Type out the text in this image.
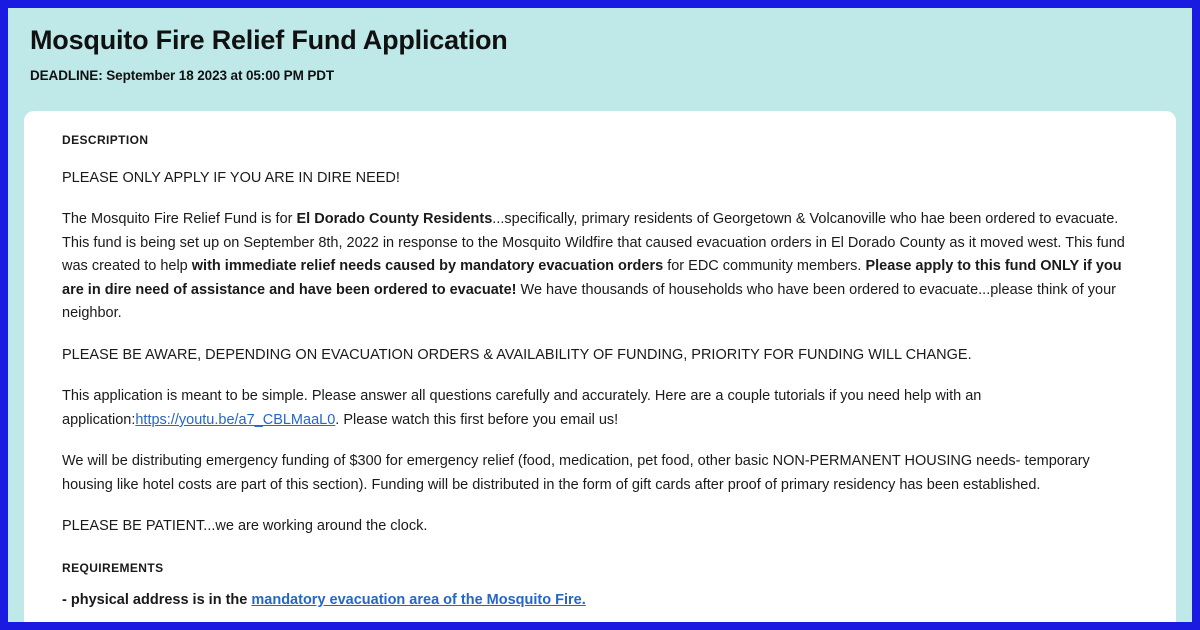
Mosquito Fire Relief Fund Application
DEADLINE: September 18 2023 at 05:00 PM PDT
DESCRIPTION

PLEASE ONLY APPLY IF YOU ARE IN DIRE NEED!

The Mosquito Fire Relief Fund is for El Dorado County Residents...specifically, primary residents of Georgetown & Volcanoville who hae been ordered to evacuate. This fund is being set up on September 8th, 2022 in response to the Mosquito Wildfire that caused evacuation orders in El Dorado County as it moved west. This fund was created to help with immediate relief needs caused by mandatory evacuation orders for EDC community members. Please apply to this fund ONLY if you are in dire need of assistance and have been ordered to evacuate! We have thousands of households who have been ordered to evacuate...please think of your neighbor.

PLEASE BE AWARE, DEPENDING ON EVACUATION ORDERS & AVAILABILITY OF FUNDING, PRIORITY FOR FUNDING WILL CHANGE.

This application is meant to be simple. Please answer all questions carefully and accurately. Here are a couple tutorials if you need help with an application:https://youtu.be/a7_CBLMaaL0. Please watch this first before you email us!

We will be distributing emergency funding of $300 for emergency relief (food, medication, pet food, other basic NON-PERMANENT HOUSING needs- temporary housing like hotel costs are part of this section). Funding will be distributed in the form of gift cards after proof of primary residency has been established.

PLEASE BE PATIENT...we are working around the clock.

REQUIREMENTS
- physical address is in the mandatory evacuation area of the Mosquito Fire.
